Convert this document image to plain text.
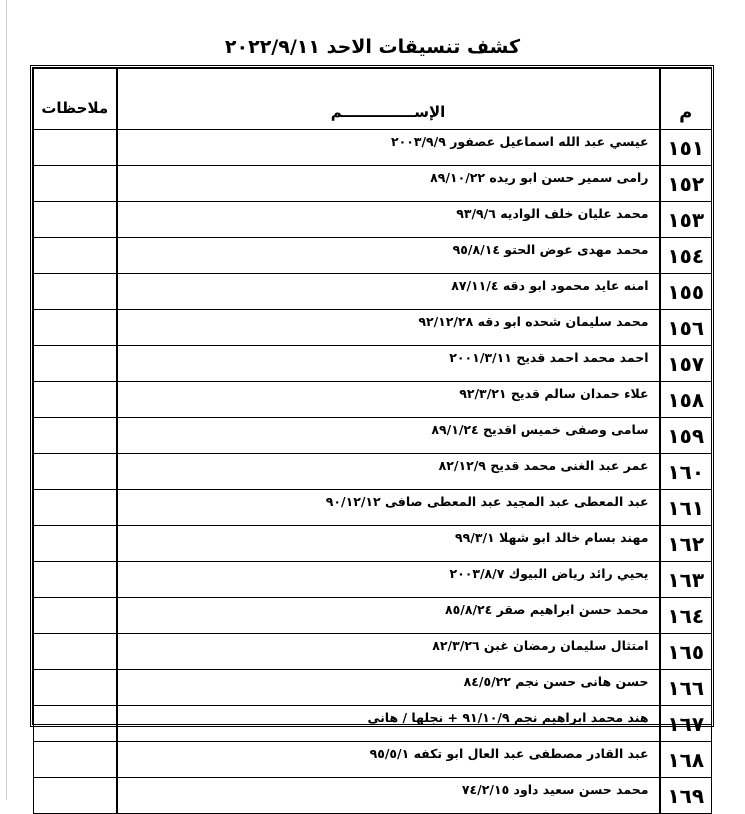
كشف تنسيقات الاحد ٢٠٢٢/٩/١١
م	الإســــــــــــــم	ملاحظات
١٥١	عيسي عبد الله اسماعيل عصفور ٢٠٠٣/٩/٩	
١٥٢	رامى سمير حسن ابو ريده ٨٩/١٠/٢٢	
١٥٣	محمد عليان خلف الواديه ٩٣/٩/٦	
١٥٤	محمد مهدى عوض الحتو ٩٥/٨/١٤	
١٥٥	امنه عايد محمود ابو دقه ٨٧/١١/٤	
١٥٦	محمد سليمان شحده ابو دقه ٩٢/١٢/٢٨	
١٥٧	احمد محمد احمد قديح ٢٠٠١/٣/١١	
١٥٨	علاء حمدان سالم قديح ٩٢/٣/٢١	
١٥٩	سامى وصفى خميس اقديح ٨٩/١/٢٤	
١٦٠	عمر عبد الغنى محمد قديح ٨٢/١٢/٩	
١٦١	عبد المعطى عبد المجيد عبد المعطى صافى ٩٠/١٢/١٢	
١٦٢	مهند بسام خالد ابو شهلا ٩٩/٣/١	
١٦٣	يحيي رائد رياض البيوك ٢٠٠٣/٨/٧	
١٦٤	محمد حسن ابراهيم صقر ٨٥/٨/٢٤	
١٦٥	امتثال سليمان رمضان غبن ٨٢/٣/٢٦	
١٦٦	حسن هانى حسن نجم ٨٤/٥/٢٢	
١٦٧	هند محمد ابراهيم نجم ٩١/١٠/٩ + نجلها / هانى	
١٦٨	عبد القادر مصطفى عبد العال ابو تكفه ٩٥/٥/١	
١٦٩	محمد حسن سعيد داود ٧٤/٢/١٥	
